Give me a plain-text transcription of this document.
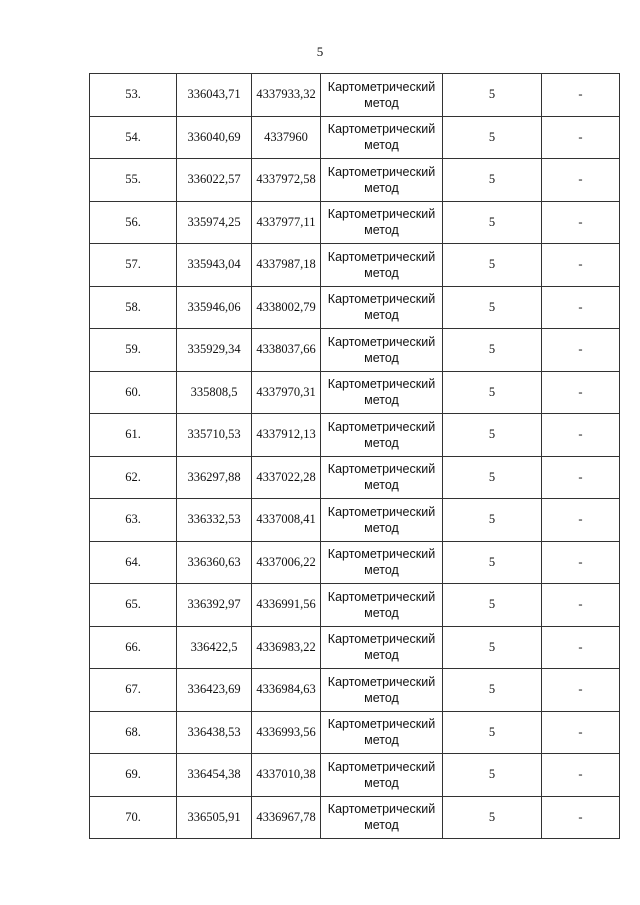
5
53.	336043,71	4337933,32	Картометрический метод	5	-
54.	336040,69	4337960	Картометрический метод	5	-
55.	336022,57	4337972,58	Картометрический метод	5	-
56.	335974,25	4337977,11	Картометрический метод	5	-
57.	335943,04	4337987,18	Картометрический метод	5	-
58.	335946,06	4338002,79	Картометрический метод	5	-
59.	335929,34	4338037,66	Картометрический метод	5	-
60.	335808,5	4337970,31	Картометрический метод	5	-
61.	335710,53	4337912,13	Картометрический метод	5	-
62.	336297,88	4337022,28	Картометрический метод	5	-
63.	336332,53	4337008,41	Картометрический метод	5	-
64.	336360,63	4337006,22	Картометрический метод	5	-
65.	336392,97	4336991,56	Картометрический метод	5	-
66.	336422,5	4336983,22	Картометрический метод	5	-
67.	336423,69	4336984,63	Картометрический метод	5	-
68.	336438,53	4336993,56	Картометрический метод	5	-
69.	336454,38	4337010,38	Картометрический метод	5	-
70.	336505,91	4336967,78	Картометрический метод	5	-
